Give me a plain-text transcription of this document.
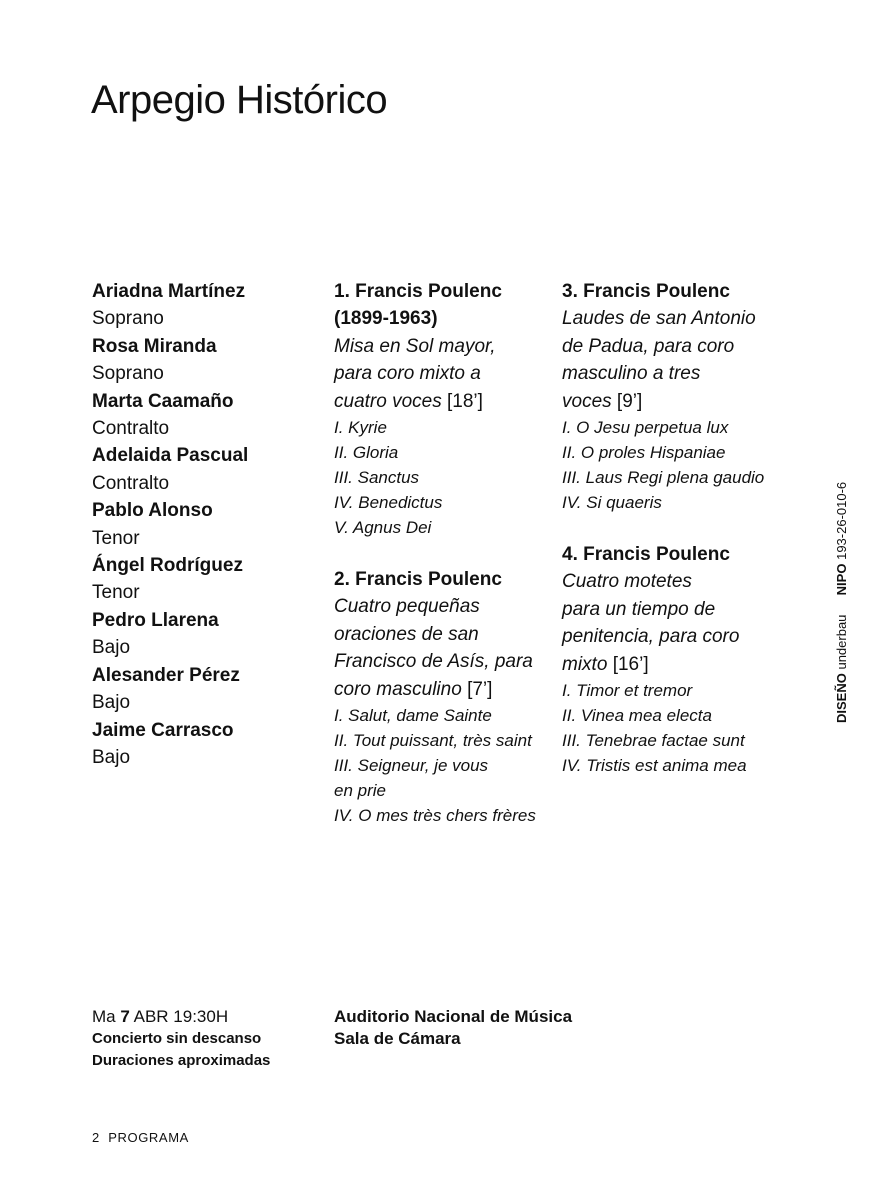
Arpegio Histórico
Ariadna Martínez
Soprano
Rosa Miranda
Soprano
Marta Caamaño
Contralto
Adelaida Pascual
Contralto
Pablo Alonso
Tenor
Ángel Rodríguez
Tenor
Pedro Llarena
Bajo
Alesander Pérez
Bajo
Jaime Carrasco
Bajo
1. Francis Poulenc
(1899-1963)
Misa en Sol mayor,
para coro mixto a
cuatro voces [18’]
I. Kyrie
II. Gloria
III. Sanctus
IV. Benedictus
V. Agnus Dei
2. Francis Poulenc
Cuatro pequeñas
oraciones de san
Francisco de Asís, para
coro masculino [7’]
I. Salut, dame Sainte
II. Tout puissant, très saint
III. Seigneur, je vous
en prie
IV. O mes très chers frères
3. Francis Poulenc
Laudes de san Antonio
de Padua, para coro
masculino a tres
voces [9’]
I. O Jesu perpetua lux
II. O proles Hispaniae
III. Laus Regi plena gaudio
IV. Si quaeris
4. Francis Poulenc
Cuatro motetes
para un tiempo de
penitencia, para coro
mixto [16’]
I. Timor et tremor
II. Vinea mea electa
III. Tenebrae factae sunt
IV. Tristis est anima mea
Ma 7 ABR 19:30H
Concierto sin descanso
Duraciones aproximadas
Auditorio Nacional de Música
Sala de Cámara
2  PROGRAMA
DISEÑO underbau  NIPO 193-26-010-6
